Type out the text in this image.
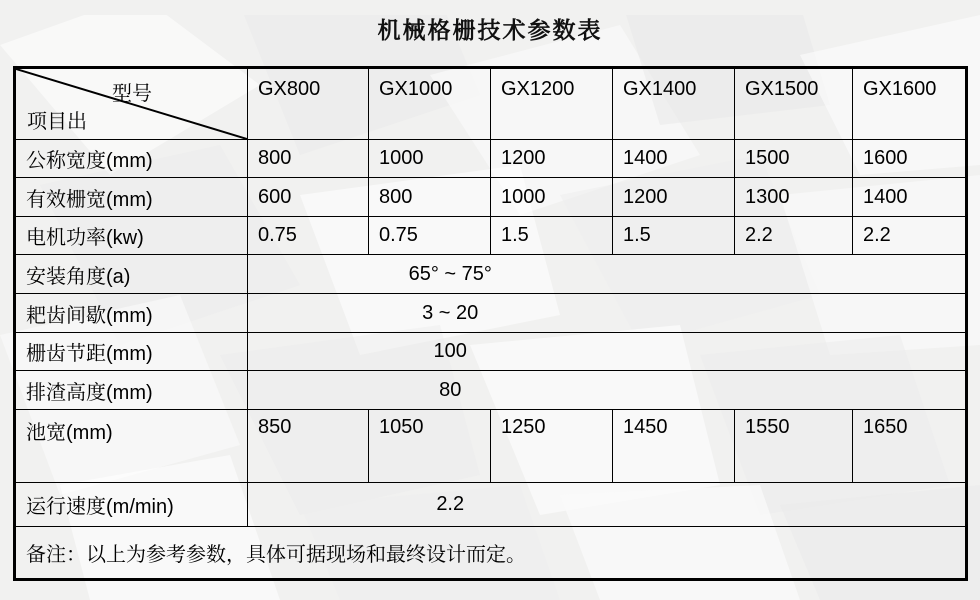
机械格栅技术参数表
型号
项目出	GX800	GX1000	GX1200	GX1400	GX1500	GX1600
公称宽度(mm)	800	1000	1200	1400	1500	1600
有效栅宽(mm)	600	800	1000	1200	1300	1400
电机功率(kw)	0.75	0.75	1.5	1.5	2.2	2.2
安装角度(a)	65° ~ 75°					

耙齿间歇(mm)	3 ~ 20					

栅齿节距(mm)	100					

排渣高度(mm)	80					

池宽(mm)	850	1050	1250	1450	1550	1650
运行速度(m/min)	2.2					

备注：以上为参考参数，具体可据现场和最终设计而定。						
